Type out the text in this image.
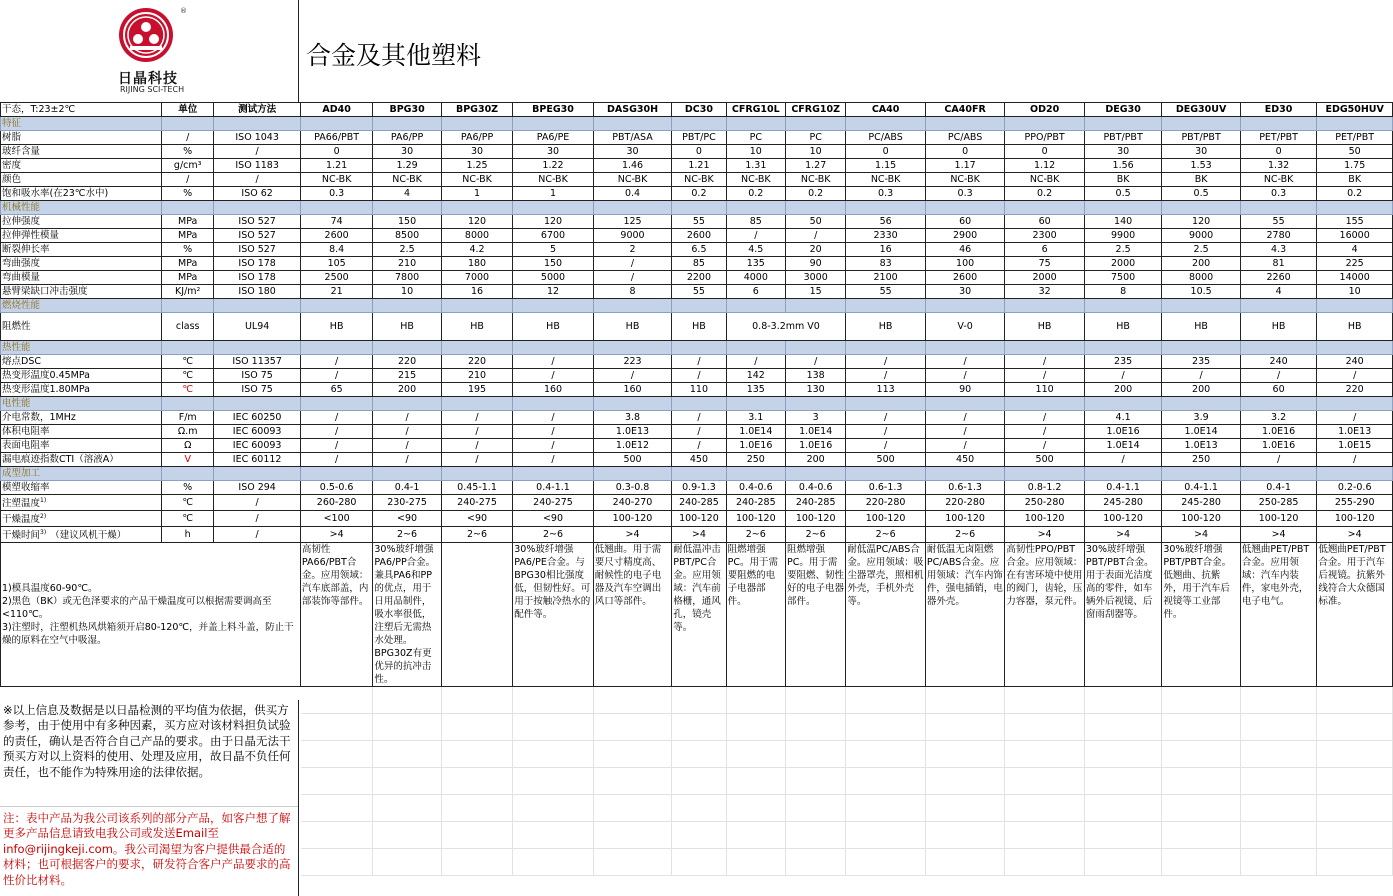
®
日晶科技
RIJING SCI-TECH
合金及其他塑料
干态，T:23±2℃	单位	测试方法	AD40	BPG30	BPG30Z	BPEG30	DASG30H	DC30	CFRG10L	CFRG10Z	CA40	CA40FR	OD20	DEG30	DEG30UV	ED30	EDG50HUV
特征																	
树脂	/	ISO 1043	PA66/PBT	PA6/PP	PA6/PP	PA6/PE	PBT/ASA	PBT/PC	PC	PC	PC/ABS	PC/ABS	PPO/PBT	PBT/PBT	PBT/PBT	PET/PBT	PET/PBT
玻纤含量	%	/	0	30	30	30	30	0	10	10	0	0	0	30	30	0	50
密度	g/cm³	ISO 1183	1.21	1.29	1.25	1.22	1.46	1.21	1.31	1.27	1.15	1.17	1.12	1.56	1.53	1.32	1.75
颜色	/	/	NC-BK	NC-BK	NC-BK	NC-BK	NC-BK	NC-BK	NC-BK	NC-BK	NC-BK	NC-BK	NC-BK	BK	BK	NC-BK	BK
饱和吸水率(在23℃水中)	%	ISO 62	0.3	4	1	1	0.4	0.2	0.2	0.2	0.3	0.3	0.2	0.5	0.5	0.3	0.2
机械性能																	
拉伸强度	MPa	ISO 527	74	150	120	120	125	55	85	50	56	60	60	140	120	55	155
拉伸弹性模量	MPa	ISO 527	2600	8500	8000	6700	9000	2600	/	/	2330	2900	2300	9900	9000	2780	16000
断裂伸长率	%	ISO 527	8.4	2.5	4.2	5	2	6.5	4.5	20	16	46	6	2.5	2.5	4.3	4
弯曲强度	MPa	ISO 178	105	210	180	150	/	85	135	90	83	100	75	2000	200	81	225
弯曲模量	MPa	ISO 178	2500	7800	7000	5000	/	2200	4000	3000	2100	2600	2000	7500	8000	2260	14000
悬臂梁缺口冲击强度	KJ/m²	ISO 180	21	10	16	12	8	55	6	15	55	30	32	8	10.5	4	10
燃烧性能																	
阻燃性	class	UL94	HB	HB	HB	HB	HB	HB	0.8-3.2mm V0		HB	V-0	HB	HB	HB	HB	HB
热性能																	
熔点DSC	℃	ISO 11357	/	220	220	/	223	/	/	/	/	/	/	235	235	240	240
热变形温度0.45MPa	℃	ISO 75	/	215	210	/	/	/	142	138	/	/	/	/	/	/	/
热变形温度1.80MPa	℃	ISO 75	65	200	195	160	160	110	135	130	113	90	110	200	200	60	220
电性能																	
介电常数，1MHz	F/m	IEC 60250	/	/	/	/	3.8	/	3.1	3	/	/	/	4.1	3.9	3.2	/
体积电阻率	Ω.m	IEC 60093	/	/	/	/	1.0E13	/	1.0E14	1.0E14	/	/	/	1.0E16	1.0E14	1.0E16	1.0E13
表面电阻率	Ω	IEC 60093	/	/	/	/	1.0E12	/	1.0E16	1.0E16	/	/	/	1.0E14	1.0E13	1.0E16	1.0E15
漏电痕迹指数CTI（溶液A）	V	IEC 60112	/	/	/	/	500	450	250	200	500	450	500	/	250	/	/
成型加工																	
模塑收缩率	%	ISO 294	0.5-0.6	0.4-1	0.45-1.1	0.4-1.1	0.3-0.8	0.9-1.3	0.4-0.6	0.4-0.6	0.6-1.3	0.6-1.3	0.8-1.2	0.4-1.1	0.4-1.1	0.4-1	0.2-0.6
注塑温度$^{1)}$	℃	/	260-280	230-275	240-275	240-275	240-270	240-285	240-285	240-285	220-280	220-280	250-280	245-280	245-280	250-285	255-290
干燥温度$^{2)}$	℃	/	<100	<90	<90	<90	100-120	100-120	100-120	100-120	100-120	100-120	100-120	100-120	100-120	100-120	100-120
干燥时间$^{3)}$ （建议风机干燥）	h	/	>4	2~6	2~6	2~6	>4	>4	2~6	2~6	2~6	2~6	>4	>4	>4	>4	>4

1)模具温度60-90℃。
2)黑色（BK）或无色泽要求的产品干燥温度可以根据需要调高至<110℃。
3)注塑时，注塑机热风烘箱须开启80-120℃，并盖上料斗盖，防止干燥的原料在空气中吸湿。			高韧性PA66/PBT合金。应用领域：汽车底部盖，内部装饰等部件。	30%玻纤增强PA6/PP合金。兼具PA6和PP的优点，用于日用品制件，吸水率很低，注塑后无需热水处理。BPG30Z有更优异的抗冲击性。		30%玻纤增强PA6/PE合金。与BPG30相比强度低，但韧性好。可用于按触冷热水的配件等。	低翘曲。用于需要尺寸精度高、耐候性的电子电器及汽车空调出风口等部件。	耐低温冲击PBT/PC合金。应用领域：汽车前格栅，通风孔，镜壳等。	阻燃增强PC。用于需要阻燃的电子电器部件。	阻燃增强PC。用于需要阻燃、韧性好的电子电器部件。	耐低温PC/ABS合金。应用领域：吸尘器罩壳，照相机外壳，手机外壳等。	耐低温无卤阻燃PC/ABS合金。应用领域：汽车内饰件，强电插销，电器外壳。	高韧性PPO/PBT合金。应用领域：在有害环境中使用的阀门，齿轮，压力容器，泵元件。	30%玻纤增强PBT/PBT合金。用于表面光洁度高的零件，如车辆外后视镜、后窗雨刮器等。	30%玻纤增强PBT/PBT合金。低翘曲、抗紫外，用于汽车后视镜等工业部件。	低翘曲PET/PBT合金。应用领域：汽车内装件，家电外壳，电子电气。	低翘曲PET/PBT合金。用于汽车后视镜。抗紫外线符合大众德国标准。

※以上信息及数据是以日晶检测的平均值为依据，供买方参考，由于使用中有多种因素，买方应对该材料担负试验的责任，确认是否符合自己产品的要求。由于日晶无法干预买方对以上资料的使用、处理及应用，故日晶不负任何责任，也不能作为特殊用途的法律依据。
注：表中产品为我公司该系列的部分产品，如客户想了解更多产品信息请致电我公司或发送Email至info@rijingkeji.com。我公司渴望为客户提供最合适的材料；也可根据客户的要求，研发符合客户产品要求的高性价比材料。
